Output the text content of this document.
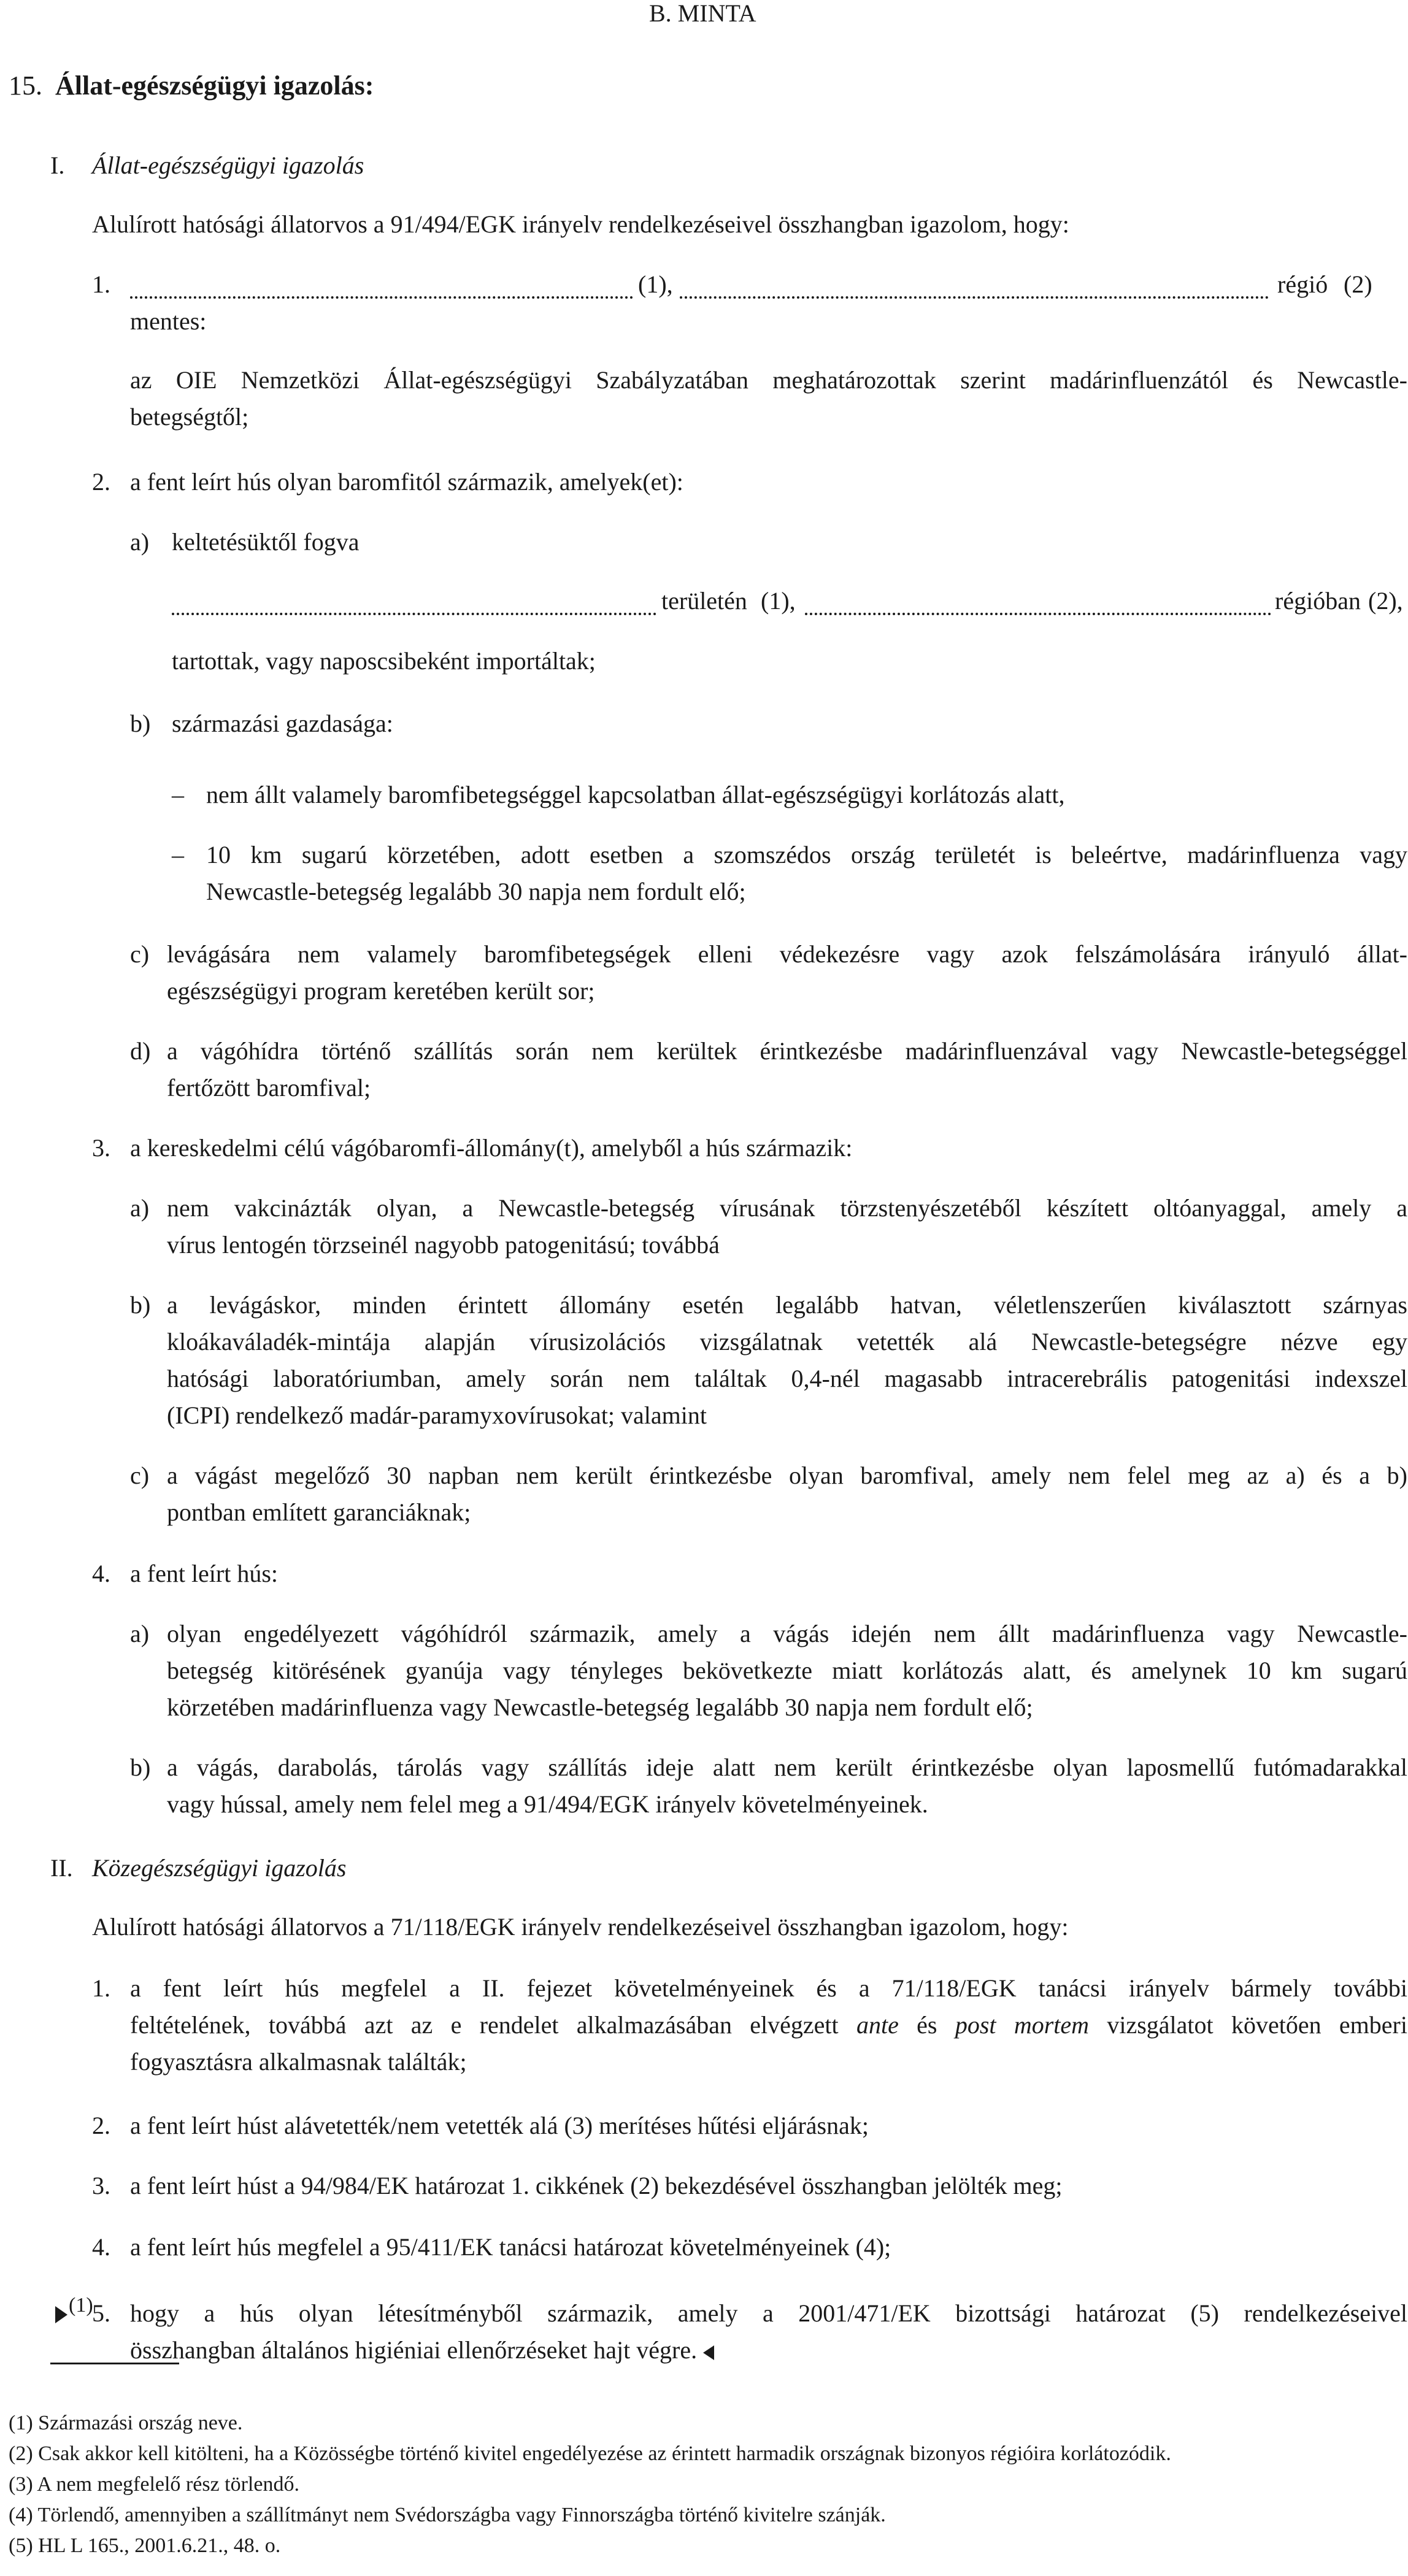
B. MINTA
15. Állat-egészségügyi igazolás:
I. Állat-egészségügyi igazolás
Alulírott hatósági állatorvos a 91/494/EGK irányelv rendelkezéseivel összhangban igazolom, hogy:
1.	(1),	régió (2)
mentes:
az OIE Nemzetközi Állat-egészségügyi Szabályzatában meghatározottak szerint madárinfluenzától és Newcastle-
betegségtől;
2. a fent leírt hús olyan baromfitól származik, amelyek(et):
a) keltetésüktől fogva
területén (1),	régióban (2),
tartottak, vagy naposcsibeként importáltak;
b) származási gazdasága:
– nem állt valamely baromfibetegséggel kapcsolatban állat-egészségügyi korlátozás alatt,
– 10 km sugarú körzetében, adott esetben a szomszédos ország területét is beleértve, madárinfluenza vagy
Newcastle-betegség legalább 30 napja nem fordult elő;
c) levágására nem valamely baromfibetegségek elleni védekezésre vagy azok felszámolására irányuló állat-
egészségügyi program keretében került sor;
d) a vágóhídra történő szállítás során nem kerültek érintkezésbe madárinfluenzával vagy Newcastle-betegséggel
fertőzött baromfival;
3. a kereskedelmi célú vágóbaromfi-állomány(t), amelyből a hús származik:
a) nem vakcinázták olyan, a Newcastle-betegség vírusának törzstenyészetéből készített oltóanyaggal, amely a
vírus lentogén törzseinél nagyobb patogenitású; továbbá
b) a levágáskor, minden érintett állomány esetén legalább hatvan, véletlenszerűen kiválasztott szárnyas
kloákaváladék-mintája alapján vírusizolációs vizsgálatnak vetették alá Newcastle-betegségre nézve egy
hatósági laboratóriumban, amely során nem találtak 0,4-nél magasabb intracerebrális patogenitási indexszel
(ICPI) rendelkező madár-paramyxovírusokat; valamint
c) a vágást megelőző 30 napban nem került érintkezésbe olyan baromfival, amely nem felel meg az a) és a b)
pontban említett garanciáknak;
4. a fent leírt hús:
a) olyan engedélyezett vágóhídról származik, amely a vágás idején nem állt madárinfluenza vagy Newcastle-
betegség kitörésének gyanúja vagy tényleges bekövetkezte miatt korlátozás alatt, és amelynek 10 km sugarú
körzetében madárinfluenza vagy Newcastle-betegség legalább 30 napja nem fordult elő;
b) a vágás, darabolás, tárolás vagy szállítás ideje alatt nem került érintkezésbe olyan laposmellű futómadarakkal
vagy hússal, amely nem felel meg a 91/494/EGK irányelv követelményeinek.
II. Közegészségügyi igazolás
Alulírott hatósági állatorvos a 71/118/EGK irányelv rendelkezéseivel összhangban igazolom, hogy:
1. a fent leírt hús megfelel a II. fejezet követelményeinek és a 71/118/EGK tanácsi irányelv bármely további
feltételének, továbbá azt az e rendelet alkalmazásában elvégzett ante és post mortem vizsgálatot követően emberi
fogyasztásra alkalmasnak találták;
2. a fent leírt húst alávetették/nem vetették alá (3) merítéses hűtési eljárásnak;
3. a fent leírt húst a 94/984/EK határozat 1. cikkének (2) bekezdésével összhangban jelölték meg;
4. a fent leírt hús megfelel a 95/411/EK tanácsi határozat követelményeinek (4);
(1)
5. hogy a hús olyan létesítményből származik, amely a 2001/471/EK bizottsági határozat (5) rendelkezéseivel
összhangban általános higiéniai ellenőrzéseket hajt végre.
(1) Származási ország neve.
(2) Csak akkor kell kitölteni, ha a Közösségbe történő kivitel engedélyezése az érintett harmadik országnak bizonyos régióira korlátozódik.
(3) A nem megfelelő rész törlendő.
(4) Törlendő, amennyiben a szállítmányt nem Svédországba vagy Finnországba történő kivitelre szánják.
(5) HL L 165., 2001.6.21., 48. o.
